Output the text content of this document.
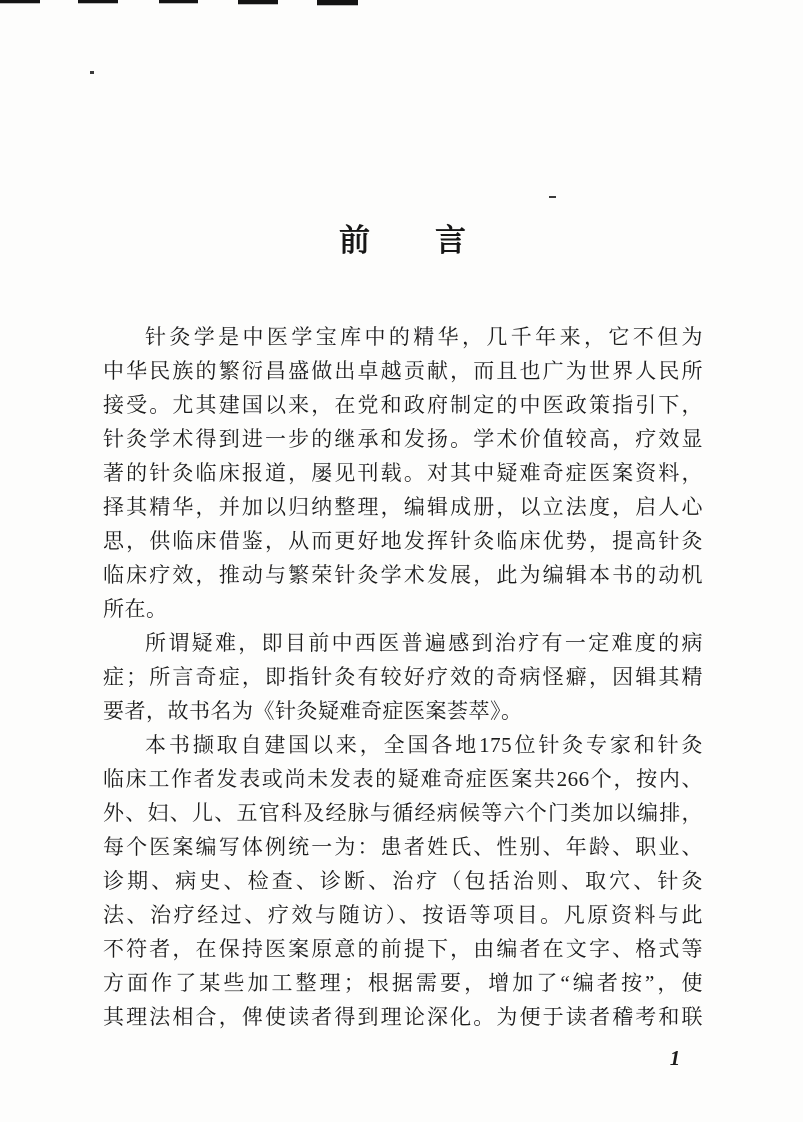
前　　言
针灸学是中医学宝库中的精华，几千年来，它不但为
中华民族的繁衍昌盛做出卓越贡献，而且也广为世界人民所
接受。尤其建国以来，在党和政府制定的中医政策指引下，
针灸学术得到进一步的继承和发扬。学术价值较高，疗效显
著的针灸临床报道，屡见刊载。对其中疑难奇症医案资料，
择其精华，并加以归纳整理，编辑成册，以立法度，启人心
思，供临床借鉴，从而更好地发挥针灸临床优势，提高针灸
临床疗效，推动与繁荣针灸学术发展，此为编辑本书的动机
所在。
所谓疑难，即目前中西医普遍感到治疗有一定难度的病
症；所言奇症，即指针灸有较好疗效的奇病怪癖，因辑其精
要者，故书名为《针灸疑难奇症医案荟萃》。
本书撷取自建国以来，全国各地175位针灸专家和针灸
临床工作者发表或尚未发表的疑难奇症医案共266个，按内、
外、妇、儿、五官科及经脉与循经病候等六个门类加以编排，
每个医案编写体例统一为：患者姓氏、性别、年龄、职业、
诊期、病史、检查、诊断、治疗（包括治则、取穴、针灸
法、治疗经过、疗效与随访）、按语等项目。凡原资料与此
不符者，在保持医案原意的前提下，由编者在文字、格式等
方面作了某些加工整理；根据需要，增加了“编者按”，使
其理法相合，俾使读者得到理论深化。为便于读者稽考和联
1
